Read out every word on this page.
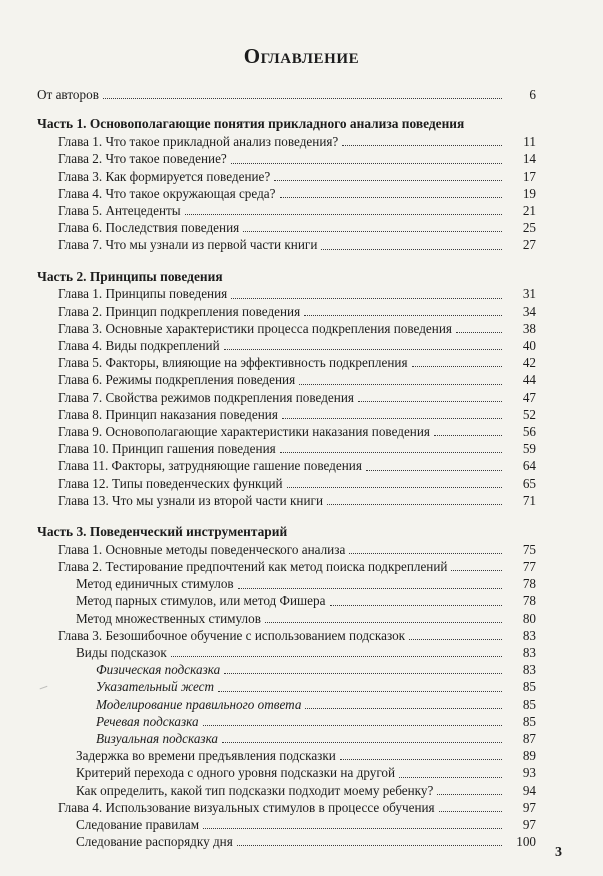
Оглавление
От авторов	6
Часть 1. Основополагающие понятия прикладного анализа поведения
Глава 1. Что такое прикладной анализ поведения?	11
Глава 2. Что такое поведение?	14
Глава 3. Как формируется поведение?	17
Глава 4. Что такое окружающая среда?	19
Глава 5. Антецеденты	21
Глава 6. Последствия поведения	25
Глава 7. Что мы узнали из первой части книги	27
Часть 2. Принципы поведения
Глава 1. Принципы поведения	31
Глава 2. Принцип подкрепления поведения	34
Глава 3. Основные характеристики процесса подкрепления поведения	38
Глава 4. Виды подкреплений	40
Глава 5. Факторы, влияющие на эффективность подкрепления	42
Глава 6. Режимы подкрепления поведения	44
Глава 7. Свойства режимов подкрепления поведения	47
Глава 8. Принцип наказания поведения	52
Глава 9. Основополагающие характеристики наказания поведения	56
Глава 10. Принцип гашения поведения	59
Глава 11. Факторы, затрудняющие гашение поведения	64
Глава 12. Типы поведенческих функций	65
Глава 13. Что мы узнали из второй части книги	71
Часть 3. Поведенческий инструментарий
Глава 1. Основные методы поведенческого анализа	75
Глава 2. Тестирование предпочтений как метод поиска подкреплений	77
Метод единичных стимулов	78
Метод парных стимулов, или метод Фишера	78
Метод множественных стимулов	80
Глава 3. Безошибочное обучение с использованием подсказок	83
Виды подсказок	83
Физическая подсказка	83
Указательный жест	85
Моделирование правильного ответа	85
Речевая подсказка	85
Визуальная подсказка	87
Задержка во времени предъявления подсказки	89
Критерий перехода с одного уровня подсказки на другой	93
Как определить, какой тип подсказки подходит моему ребенку?	94
Глава 4. Использование визуальных стимулов в процессе обучения	97
Следование правилам	97
Следование распорядку дня	100
3
